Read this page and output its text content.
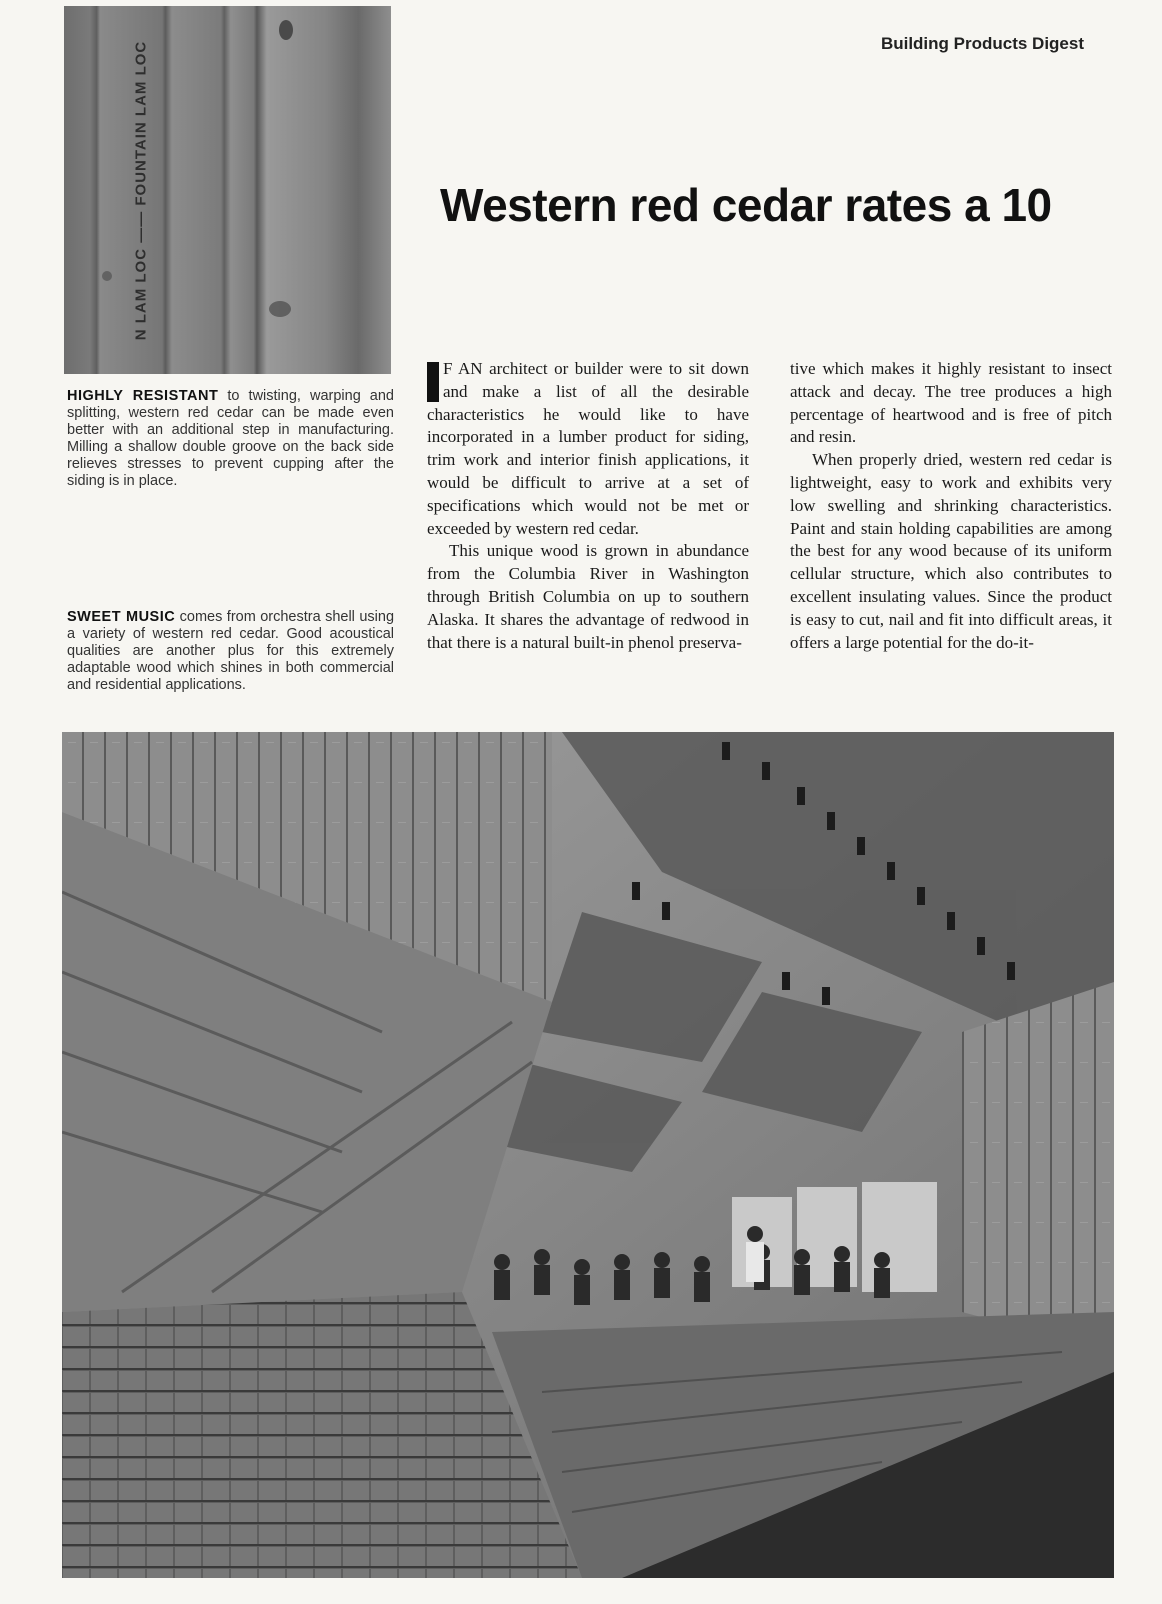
N LAM LOC —— FOUNTAIN LAM LOC	Building Products Digest
Western red cedar rates a 10
HIGHLY RESISTANT to twisting, warping and splitting, western red cedar can be made even better with an additional step in manufacturing. Milling a shallow double groove on the back side relieves stresses to prevent cupping after the siding is in place.
SWEET MUSIC comes from orchestra shell using a variety of western red cedar. Good acoustical qualities are another plus for this extremely adaptable wood which shines in both commercial and residential applications.

F AN architect or builder were to sit down and make a list of all the desirable characteristics he would like to have incorporated in a lumber product for siding, trim work and interior finish applications, it would be difficult to arrive at a set of specifications which would not be met or exceeded by western red cedar.

This unique wood is grown in abundance from the Columbia River in Washington through British Columbia on up to southern Alaska. It shares the advantage of redwood in that there is a natural built-in phenol preserva-

tive which makes it highly resistant to insect attack and decay. The tree produces a high percentage of heartwood and is free of pitch and resin.

When properly dried, western red cedar is lightweight, easy to work and exhibits very low swelling and shrinking characteristics. Paint and stain holding capabilities are among the best for any wood because of its uniform cellular structure, which also contributes to excellent insulating values. Since the product is easy to cut, nail and fit into difficult areas, it offers a large potential for the do-it-
